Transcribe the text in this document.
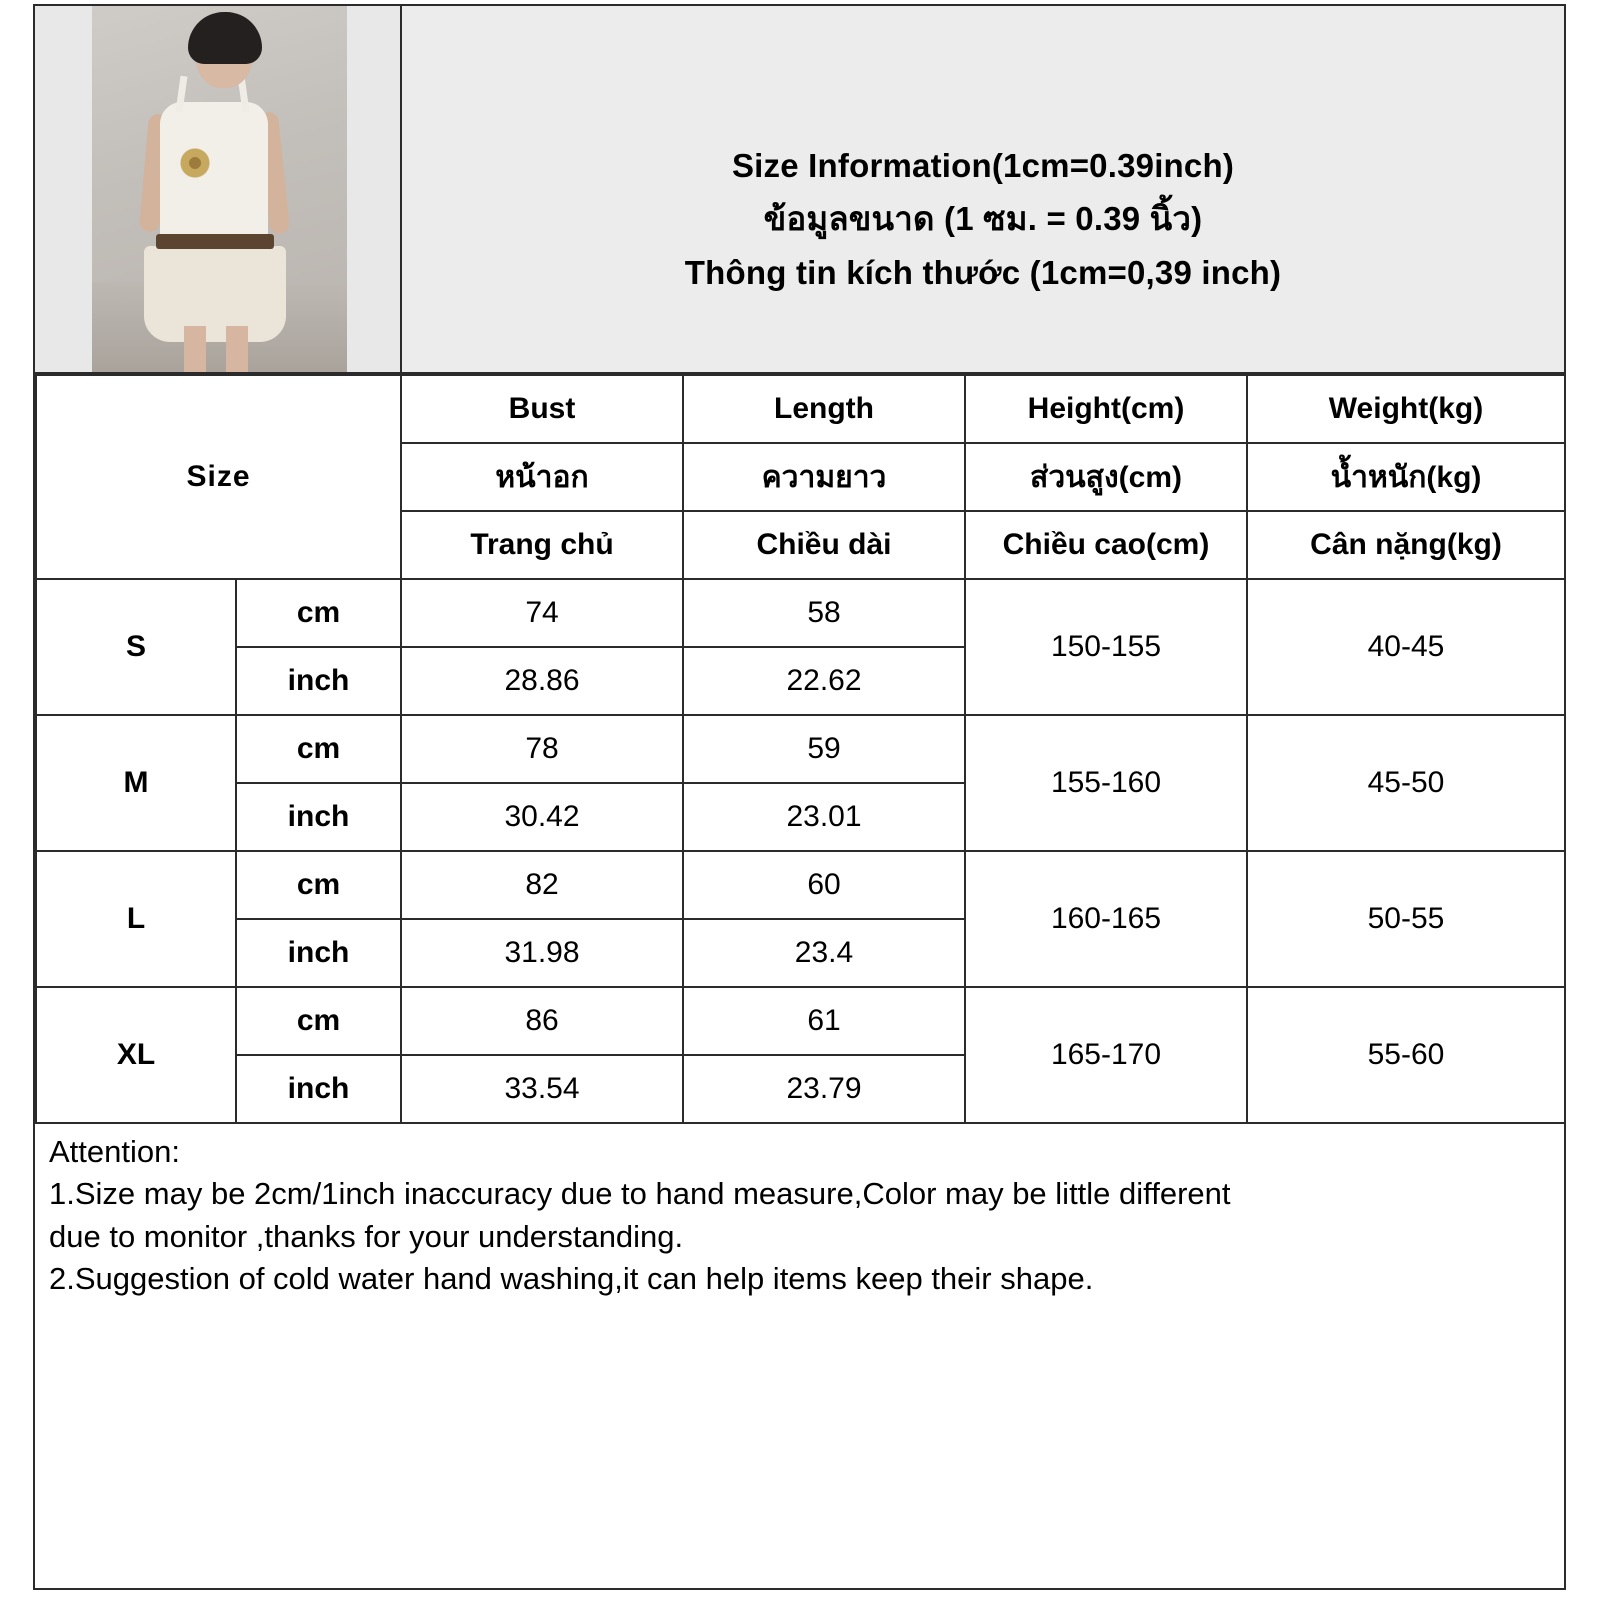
Size Information(1cm=0.39inch)
ข้อมูลขนาด (1 ซม. = 0.39 นิ้ว)
Thông tin kích thước (1cm=0,39 inch)
Size		Bust	Length	Height(cm)	Weight(kg)
		หน้าอก	ความยาว	ส่วนสูง(cm)	น้ำหนัก(kg)
		Trang chủ	Chiều dài	Chiều cao(cm)	Cân nặng(kg)
S	cm	74	58	150-155	40-45
	inch	28.86	22.62		
M	cm	78	59	155-160	45-50
	inch	30.42	23.01		
L	cm	82	60	160-165	50-55
	inch	31.98	23.4		
XL	cm	86	61	165-170	55-60
	inch	33.54	23.79		

Attention:

1.Size may be 2cm/1inch inaccuracy due to hand measure,Color may be little different

due to monitor ,thanks for your understanding.

2.Suggestion of cold water hand washing,it can help items keep their shape.
